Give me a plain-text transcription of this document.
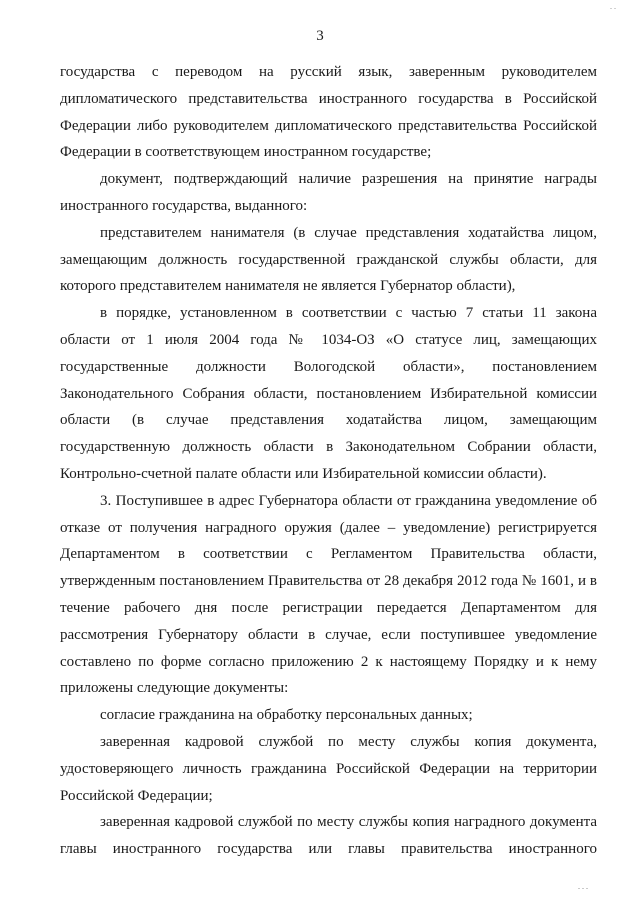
. .
3

государства с переводом на русский язык, заверенным руководителем дипломатического представительства иностранного государства в Российской Федерации либо руководителем дипломатического представительства Российской Федерации в соответствующем иностранном государстве;

документ, подтверждающий наличие разрешения на принятие награды иностранного государства, выданного:

представителем нанимателя (в случае представления ходатайства лицом, замещающим должность государственной гражданской службы области, для которого представителем нанимателя не является Губернатор области),

в порядке, установленном в соответствии с частью 7 статьи 11 закона области от 1 июля 2004 года № 1034-ОЗ «О статусе лиц, замещающих государственные должности Вологодской области», постановлением Законодательного Собрания области, постановлением Избирательной комиссии области (в случае представления ходатайства лицом, замещающим государственную должность области в Законодательном Собрании области, Контрольно-счетной палате области или Избирательной комиссии области).

3. Поступившее в адрес Губернатора области от гражданина уведомление об отказе от получения наградного оружия (далее – уведомление) регистрируется Департаментом в соответствии с Регламентом Правительства области, утвержденным постановлением Правительства от 28 декабря 2012 года № 1601, и в течение рабочего дня после регистрации передается Департаментом для рассмотрения Губернатору области в случае, если поступившее уведомление составлено по форме согласно приложению 2 к настоящему Порядку и к нему приложены следующие документы:

согласие гражданина на обработку персональных данных;

заверенная кадровой службой по месту службы копия документа, удостоверяющего личность гражданина Российской Федерации на территории Российской Федерации;

заверенная кадровой службой по месту службы копия наградного документа главы иностранного государства или главы правительства иностранного

. . .
